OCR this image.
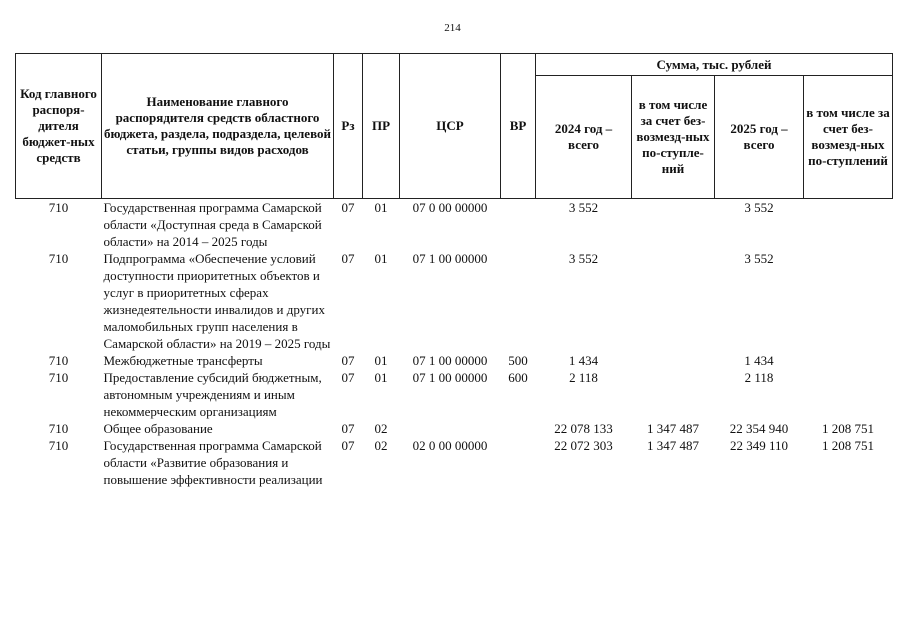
214
Код главного распоря-дителя бюджет-ных средств	Наименование главного распорядителя средств областного бюджета, раздела, подраздела, целевой статьи, группы видов расходов	Рз	ПР	ЦСР	ВР	Сумма, тыс. рублей			
						2024 год – всего	в том числе за счет без-возмезд-ных по-ступле-ний	2025 год – всего	в том числе за счет без-возмезд-ных по-ступлений
710	Государственная программа Самарской области «Доступная среда в Самарской области» на 2014 – 2025 годы	07	01	07 0 00 00000		3 552		3 552	
710	Подпрограмма «Обеспечение условий доступности приоритетных объектов и услуг в приоритетных сферах жизнедеятельности инвалидов и других маломобильных групп населения в Самарской области» на 2019 – 2025 годы	07	01	07 1 00 00000		3 552		3 552	
710	Межбюджетные трансферты	07	01	07 1 00 00000	500	1 434		1 434	
710	Предоставление субсидий бюджетным, автономным учреждениям и иным некоммерческим организациям	07	01	07 1 00 00000	600	2 118		2 118	
710	Общее образование	07	02			22 078 133	1 347 487	22 354 940	1 208 751
710	Государственная программа Самарской области «Развитие образования и повышение эффективности реализации	07	02	02 0 00 00000		22 072 303	1 347 487	22 349 110	1 208 751
